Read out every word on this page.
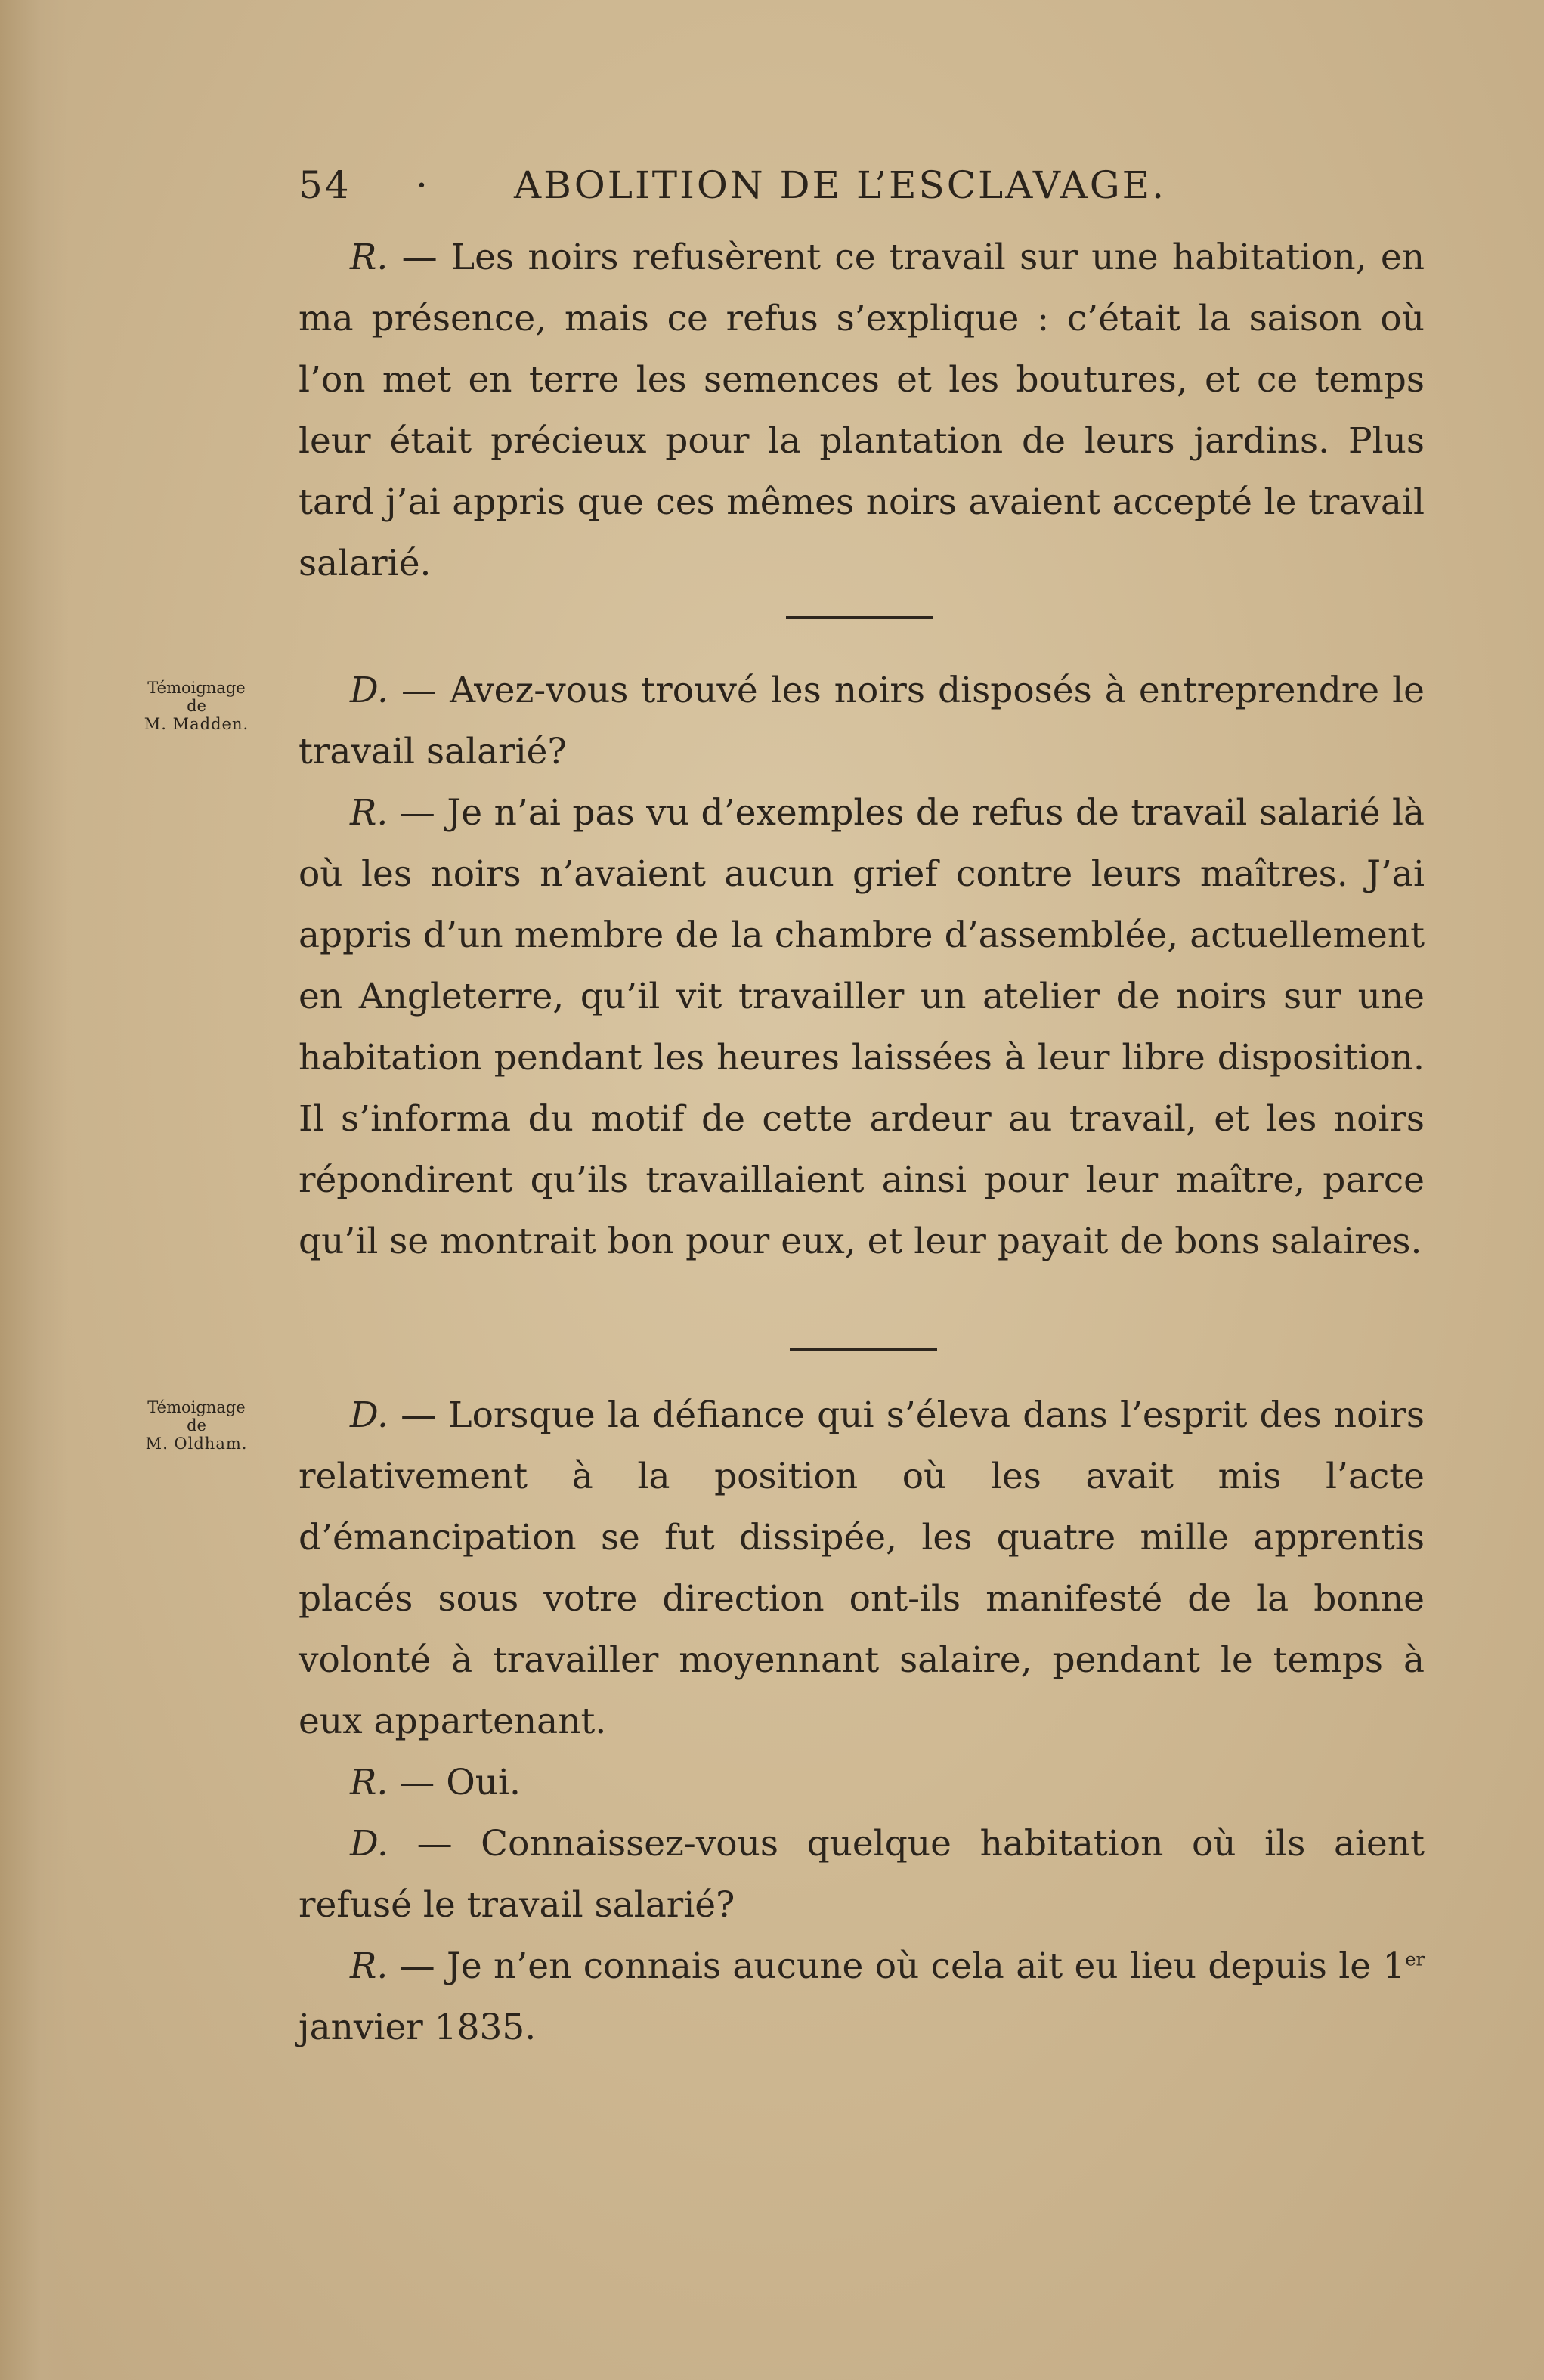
54 · ABOLITION DE L’ESCLAVAGE.

R. — Les noirs refusèrent ce travail sur une habitation, en ma présence, mais ce refus s’explique : c’était la saison où l’on met en terre les semences et les boutures, et ce temps leur était précieux pour la plantation de leurs jardins. Plus tard j’ai appris que ces mêmes noirs avaient accepté le travail salarié.

Témoignage
de
M. Madden.

D. — Avez-vous trouvé les noirs disposés à entreprendre le travail salarié?

R. — Je n’ai pas vu d’exemples de refus de travail salarié là où les noirs n’avaient aucun grief contre leurs maîtres. J’ai appris d’un membre de la chambre d’assemblée, actuellement en Angleterre, qu’il vit travailler un atelier de noirs sur une habitation pendant les heures laissées à leur libre disposition. Il s’informa du motif de cette ardeur au travail, et les noirs répondirent qu’ils travaillaient ainsi pour leur maître, parce qu’il se montrait bon pour eux, et leur payait de bons salaires.

Témoignage
de
M. Oldham.

D. — Lorsque la défiance qui s’éleva dans l’esprit des noirs relativement à la position où les avait mis l’acte d’émancipation se fut dissipée, les quatre mille apprentis placés sous votre direction ont-ils manifesté de la bonne volonté à travailler moyennant salaire, pendant le temps à eux appartenant.

R. — Oui.

D. — Connaissez-vous quelque habitation où ils aient refusé le travail salarié?

R. — Je n’en connais aucune où cela ait eu lieu depuis le 1er janvier 1835.
